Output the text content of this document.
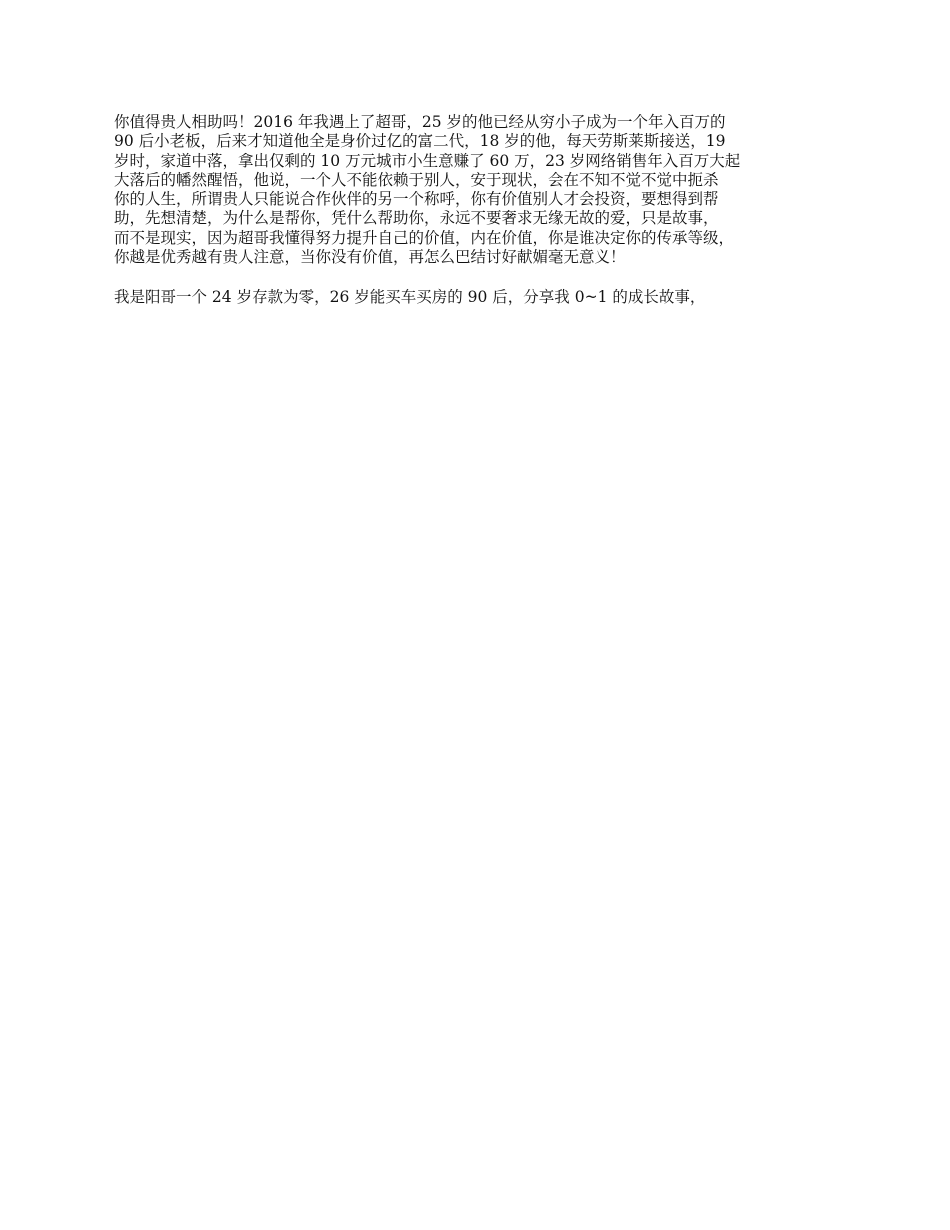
你值得贵人相助吗！2016 年我遇上了超哥，25 岁的他已经从穷小子成为一个年入百万的
90 后小老板，后来才知道他全是身价过亿的富二代，18 岁的他，每天劳斯莱斯接送，19
岁时，家道中落，拿出仅剩的 10 万元城市小生意赚了 60 万，23 岁网络销售年入百万大起
大落后的幡然醒悟，他说，一个人不能依赖于别人，安于现状，会在不知不觉不觉中扼杀
你的人生，所谓贵人只能说合作伙伴的另一个称呼，你有价值别人才会投资，要想得到帮
助，先想清楚，为什么是帮你，凭什么帮助你，永远不要奢求无缘无故的爱，只是故事，
而不是现实，因为超哥我懂得努力提升自己的价值，内在价值，你是谁决定你的传承等级，
你越是优秀越有贵人注意，当你没有价值，再怎么巴结讨好献媚毫无意义！
我是阳哥一个 24 岁存款为零，26 岁能买车买房的 90 后，分享我 0~1 的成长故事，
